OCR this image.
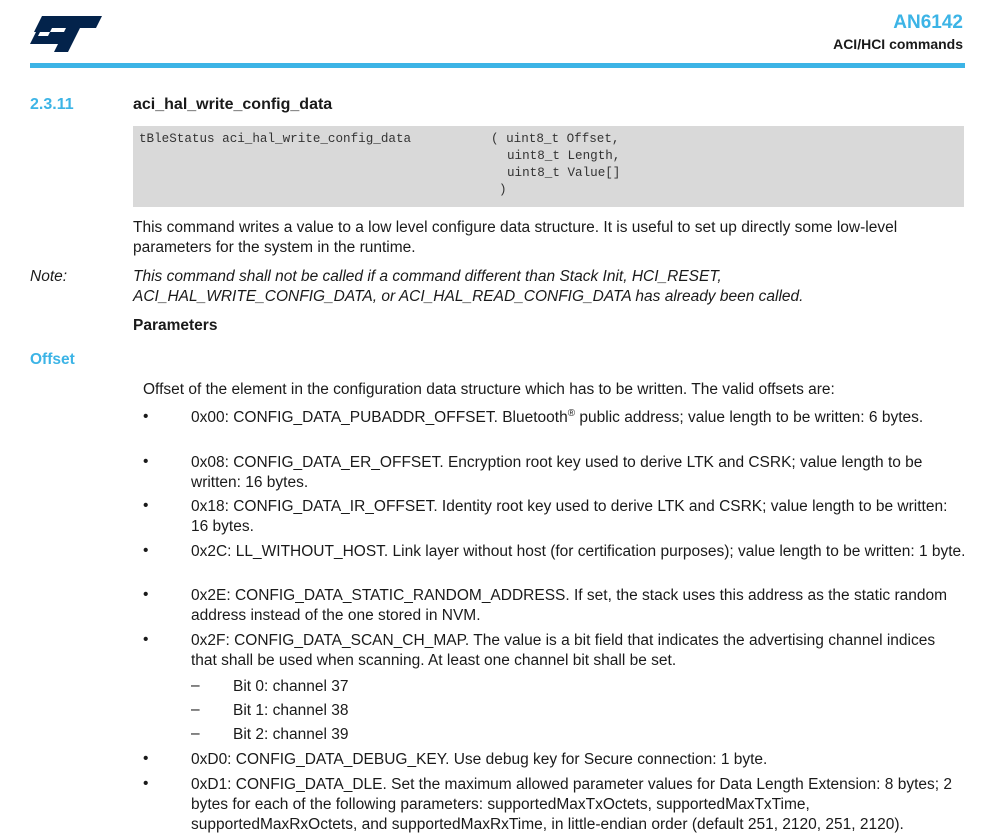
AN6142
ACI/HCI commands
2.3.11	aci_hal_write_config_data
tBleStatus aci_hal_write_config_data	( uint8_t Offset,
uint8_t Length,
uint8_t Value[]
)
This command writes a value to a low level configure data structure. It is useful to set up directly some low-level parameters for the system in the runtime.
Note:	This command shall not be called if a command different than Stack Init, HCI_RESET, ACI_HAL_WRITE_CONFIG_DATA, or ACI_HAL_READ_CONFIG_DATA has already been called.
Parameters
Offset
Offset of the element in the configuration data structure which has to be written. The valid offsets are:
•	0x00: CONFIG_DATA_PUBADDR_OFFSET. Bluetooth® public address; value length to be written: 6 bytes.
•	0x08: CONFIG_DATA_ER_OFFSET. Encryption root key used to derive LTK and CSRK; value length to be written: 16 bytes.
•	0x18: CONFIG_DATA_IR_OFFSET. Identity root key used to derive LTK and CSRK; value length to be written: 16 bytes.
•	0x2C: LL_WITHOUT_HOST. Link layer without host (for certification purposes); value length to be written: 1 byte.
•	0x2E: CONFIG_DATA_STATIC_RANDOM_ADDRESS. If set, the stack uses this address as the static random address instead of the one stored in NVM.
•	0x2F: CONFIG_DATA_SCAN_CH_MAP. The value is a bit field that indicates the advertising channel indices that shall be used when scanning. At least one channel bit shall be set.
– Bit 0: channel 37
– Bit 1: channel 38
– Bit 2: channel 39
•	0xD0: CONFIG_DATA_DEBUG_KEY. Use debug key for Secure connection: 1 byte.
•	0xD1: CONFIG_DATA_DLE. Set the maximum allowed parameter values for Data Length Extension: 8 bytes; 2 bytes for each of the following parameters: supportedMaxTxOctets, supportedMaxTxTime, supportedMaxRxOctets, and supportedMaxRxTime, in little-endian order (default 251, 2120, 251, 2120).
